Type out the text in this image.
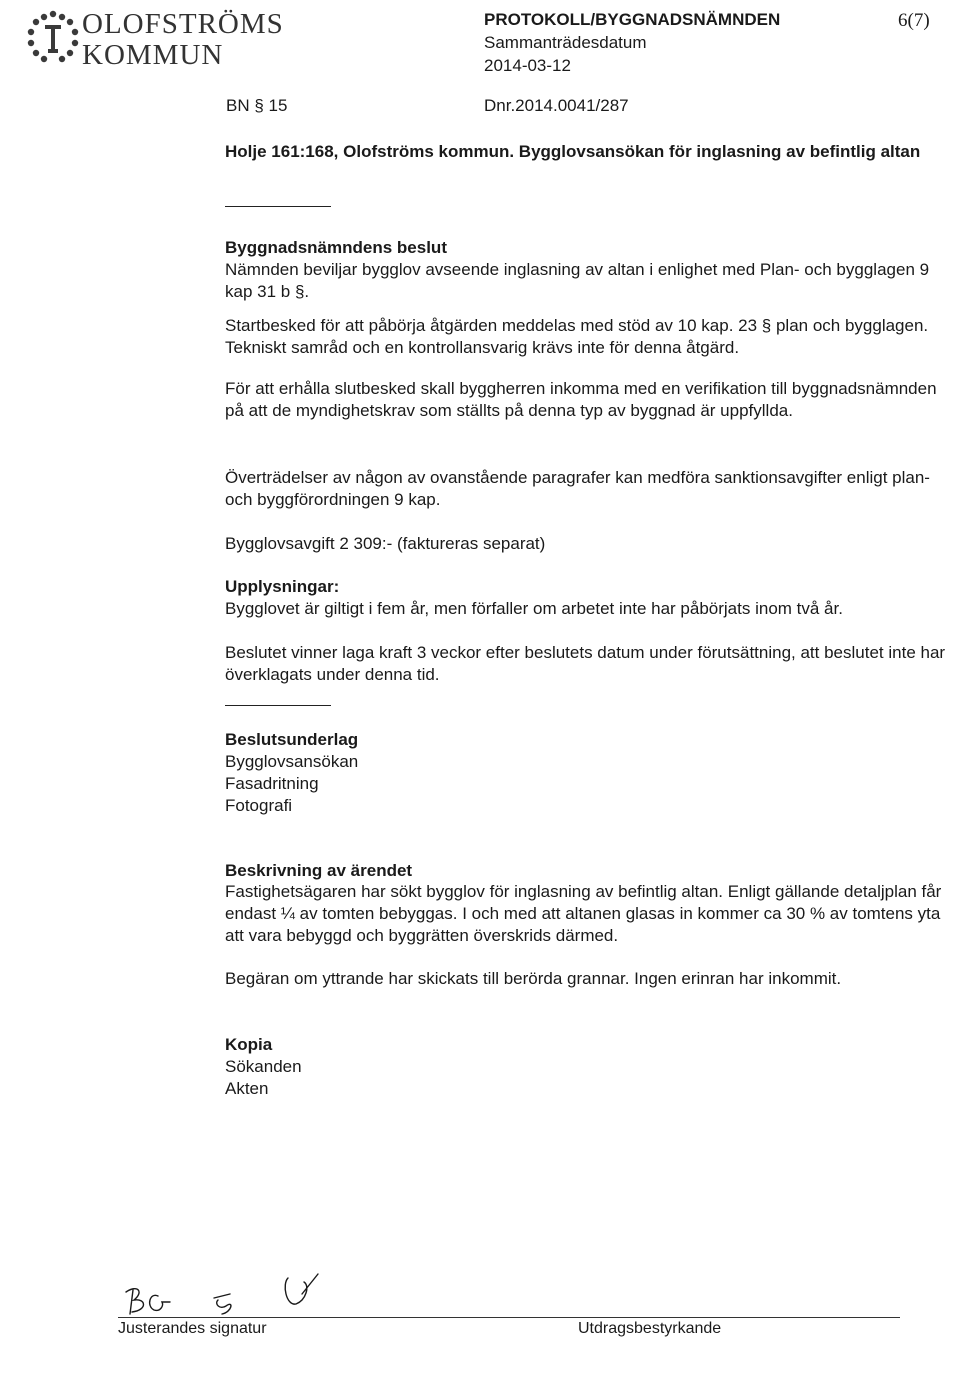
OLOFSTRÖMS
KOMMUN
PROTOKOLL/BYGGNADSNÄMNDEN
Sammanträdesdatum
2014-03-12
6(7)
BN § 15	Dnr.2014.0041/287
Holje 161:168, Olofströms kommun. Bygglovsansökan för inglasning av befintlig altan
Byggnadsnämndens beslut
Nämnden beviljar bygglov avseende inglasning av altan i enlighet med Plan- och bygglagen 9 kap 31 b §.
Startbesked för att påbörja åtgärden meddelas med stöd av 10 kap. 23 § plan och bygglagen. Tekniskt samråd och en kontrollansvarig krävs inte för denna åtgärd.
För att erhålla slutbesked skall byggherren inkomma med en verifikation till byggnadsnämnden på att de myndighetskrav som ställts på denna typ av byggnad är uppfyllda.
Överträdelser av någon av ovanstående paragrafer kan medföra sanktionsavgifter enligt plan- och byggförordningen 9 kap.
Bygglovsavgift 2 309:- (faktureras separat)
Upplysningar:
Bygglovet är giltigt i fem år, men förfaller om arbetet inte har påbörjats inom två år.
Beslutet vinner laga kraft 3 veckor efter beslutets datum under förutsättning, att beslutet inte har överklagats under denna tid.
Beslutsunderlag
Bygglovsansökan
Fasadritning
Fotografi
Beskrivning av ärendet
Fastighetsägaren har sökt bygglov för inglasning av befintlig altan. Enligt gällande detaljplan får endast ¼ av tomten bebyggas. I och med att altanen glasas in kommer ca 30 % av tomtens yta att vara bebyggd och byggrätten överskrids därmed.
Begäran om yttrande har skickats till berörda grannar. Ingen erinran har inkommit.
Kopia
Sökanden
Akten
Justerandes signatur	Utdragsbestyrkande
